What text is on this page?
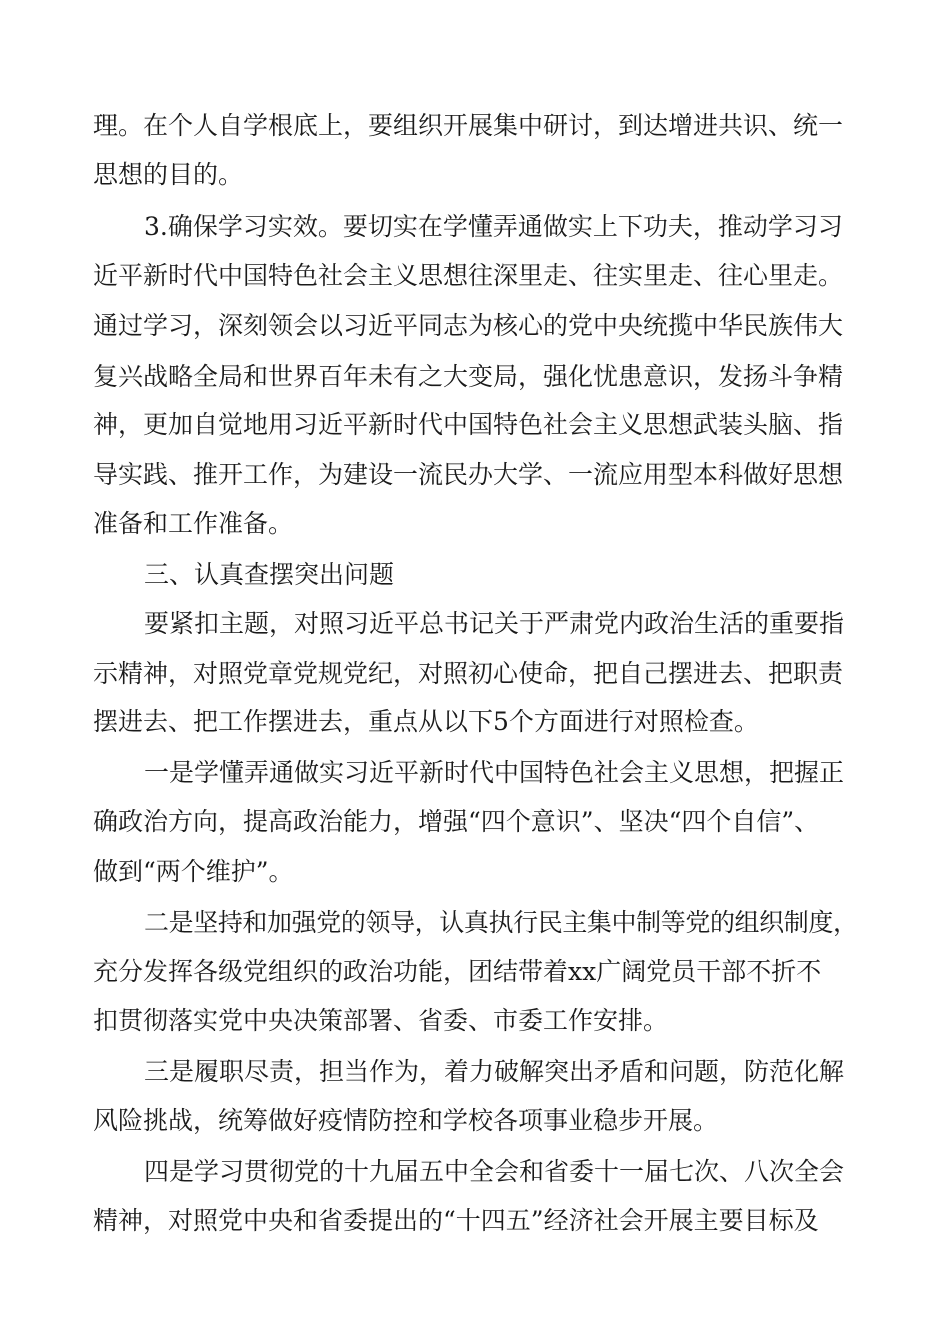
理。在个人自学根底上，要组织开展集中研讨，到达增进共识、统一
思想的目的。
3.确保学习实效。要切实在学懂弄通做实上下功夫，推动学习习
近平新时代中国特色社会主义思想往深里走、往实里走、往心里走。
通过学习，深刻领会以习近平同志为核心的党中央统揽中华民族伟大
复兴战略全局和世界百年未有之大变局，强化忧患意识，发扬斗争精
神，更加自觉地用习近平新时代中国特色社会主义思想武装头脑、指
导实践、推开工作，为建设一流民办大学、一流应用型本科做好思想
准备和工作准备。
三、认真查摆突出问题
要紧扣主题，对照习近平总书记关于严肃党内政治生活的重要指
示精神，对照党章党规党纪，对照初心使命，把自己摆进去、把职责
摆进去、把工作摆进去，重点从以下5个方面进行对照检查。
一是学懂弄通做实习近平新时代中国特色社会主义思想，把握正
确政治方向，提高政治能力，增强“四个意识”、坚决“四个自信”、
做到“两个维护”。
二是坚持和加强党的领导，认真执行民主集中制等党的组织制度，
充分发挥各级党组织的政治功能，团结带着xx广阔党员干部不折不
扣贯彻落实党中央决策部署、省委、市委工作安排。
三是履职尽责，担当作为，着力破解突出矛盾和问题，防范化解
风险挑战，统筹做好疫情防控和学校各项事业稳步开展。
四是学习贯彻党的十九届五中全会和省委十一届七次、八次全会
精神，对照党中央和省委提出的“十四五”经济社会开展主要目标及
